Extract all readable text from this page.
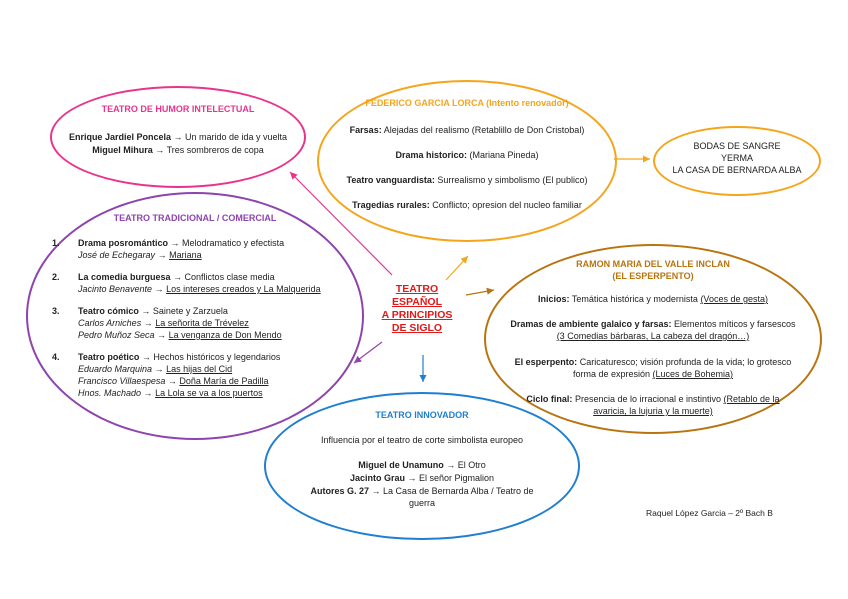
TEATRO DE HUMOR INTELECTUAL
Enrique Jardiel Poncela → Un marido de ida y vuelta
Miguel Mihura → Tres sombreros de copa
FEDERICO GARCIA LORCA (Intento renovador)
Farsas: Alejadas del realismo (Retablillo de Don Cristobal)
Drama historico: (Mariana Pineda)
Teatro vanguardista: Surrealismo y simbolismo (El publico)
Tragedias rurales: Conflicto; opresion del nucleo familiar
BODAS DE SANGRE
YERMA
LA CASA DE BERNARDA ALBA
TEATRO TRADICIONAL / COMERCIAL
1. Drama posromántico → Melodramatico y efectista
José de Echegaray → Mariana
2. La comedia burguesa → Conflictos clase media
Jacinto Benavente → Los intereses creados y La Malquerida
3. Teatro cómico → Sainete y Zarzuela
Carlos Arniches → La señorita de Trévelez
Pedro Muñoz Seca → La venganza de Don Mendo
4. Teatro poético → Hechos históricos y legendarios
Eduardo Marquina → Las hijas del Cid
Francisco Villaespesa → Doña María de Padilla
Hnos. Machado → La Lola se va a los puertos
TEATRO
ESPAÑOL
A PRINCIPIOS
DE SIGLO
RAMON MARIA DEL VALLE INCLAN
(EL ESPERPENTO)
Inicios: Temática histórica y modernista (Voces de gesta)
Dramas de ambiente galaico y farsas: Elementos míticos y farsescos (3 Comedias bárbaras, La cabeza del dragón…)
El esperpento: Caricaturesco; visión profunda de la vida; lo grotesco forma de expresión (Luces de Bohemia)
Ciclo final: Presencia de lo irracional e instintivo (Retablo de la avaricia, la lujuria y la muerte)
TEATRO INNOVADOR
Influencia por el teatro de corte simbolista europeo
Miguel de Unamuno → El Otro
Jacinto Grau → El señor Pigmalion
Autores G. 27 → La Casa de Bernarda Alba / Teatro de guerra
Raquel López Garcia – 2º Bach B
